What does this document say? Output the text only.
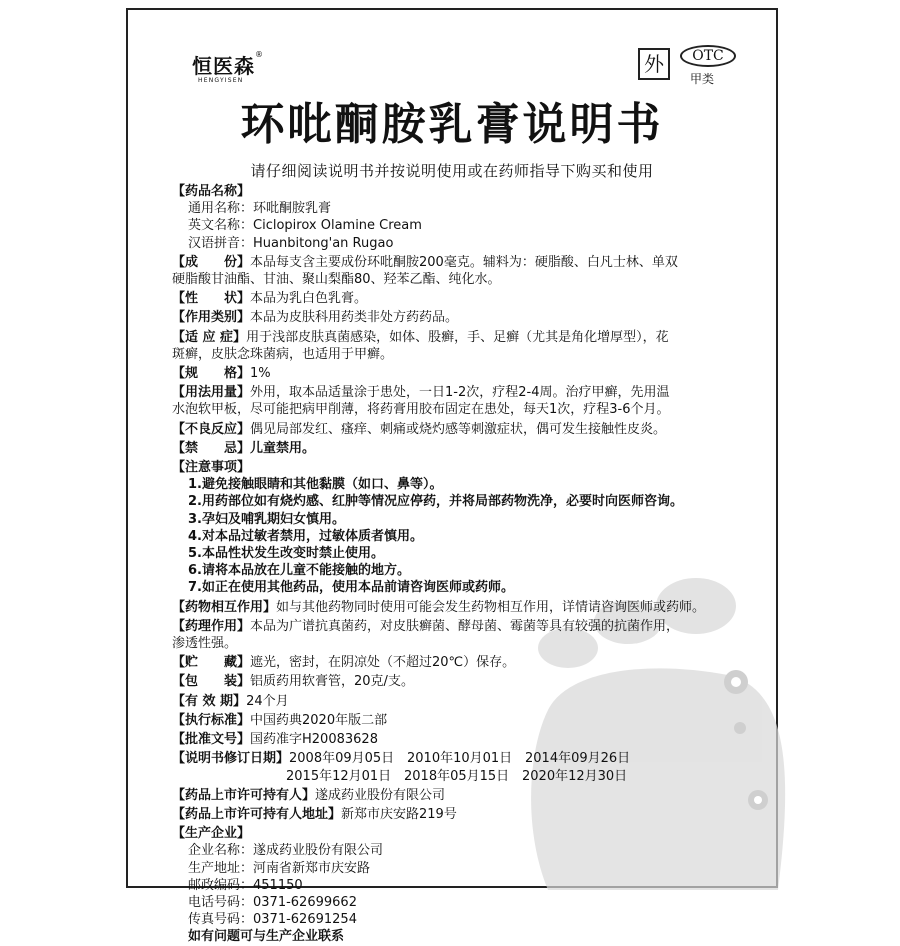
恒医森®
HENGYISEN
外	OTC
甲类
环吡酮胺乳膏说明书
请仔细阅读说明书并按说明使用或在药师指导下购买和使用
【药品名称】
通用名称：环吡酮胺乳膏
英文名称：Ciclopirox Olamine Cream
汉语拼音：Huanbitong'an Rugao
【成　　份】本品每支含主要成份环吡酮胺200毫克。辅料为：硬脂酸、白凡士林、单双
硬脂酸甘油酯、甘油、聚山梨酯80、羟苯乙酯、纯化水。
【性　　状】本品为乳白色乳膏。
【作用类别】本品为皮肤科用药类非处方药药品。
【适 应 症】用于浅部皮肤真菌感染，如体、股癣，手、足癣（尤其是角化增厚型），花
斑癣，皮肤念珠菌病，也适用于甲癣。
【规　　格】1%
【用法用量】外用，取本品适量涂于患处，一日1-2次，疗程2-4周。治疗甲癣，先用温
水泡软甲板，尽可能把病甲削薄，将药膏用胶布固定在患处，每天1次，疗程3-6个月。
【不良反应】偶见局部发红、瘙痒、刺痛或烧灼感等刺激症状，偶可发生接触性皮炎。
【禁　　忌】儿童禁用。
【注意事项】
1.避免接触眼睛和其他黏膜（如口、鼻等）。
2.用药部位如有烧灼感、红肿等情况应停药，并将局部药物洗净，必要时向医师咨询。
3.孕妇及哺乳期妇女慎用。
4.对本品过敏者禁用，过敏体质者慎用。
5.本品性状发生改变时禁止使用。
6.请将本品放在儿童不能接触的地方。
7.如正在使用其他药品，使用本品前请咨询医师或药师。
【药物相互作用】如与其他药物同时使用可能会发生药物相互作用，详情请咨询医师或药师。
【药理作用】本品为广谱抗真菌药，对皮肤癣菌、酵母菌、霉菌等具有较强的抗菌作用，
渗透性强。
【贮　　藏】遮光，密封，在阴凉处（不超过20℃）保存。
【包　　装】铝质药用软膏管，20克/支。
【有 效 期】24个月
【执行标准】中国药典2020年版二部
【批准文号】国药准字H20083628
【说明书修订日期】2008年09月05日 2010年10月01日 2014年09月26日
2015年12月01日 2018年05月15日 2020年12月30日
【药品上市许可持有人】遂成药业股份有限公司
【药品上市许可持有人地址】新郑市庆安路219号
【生产企业】
企业名称：遂成药业股份有限公司
生产地址：河南省新郑市庆安路
邮政编码：451150
电话号码：0371-62699662
传真号码：0371-62691254
如有问题可与生产企业联系
